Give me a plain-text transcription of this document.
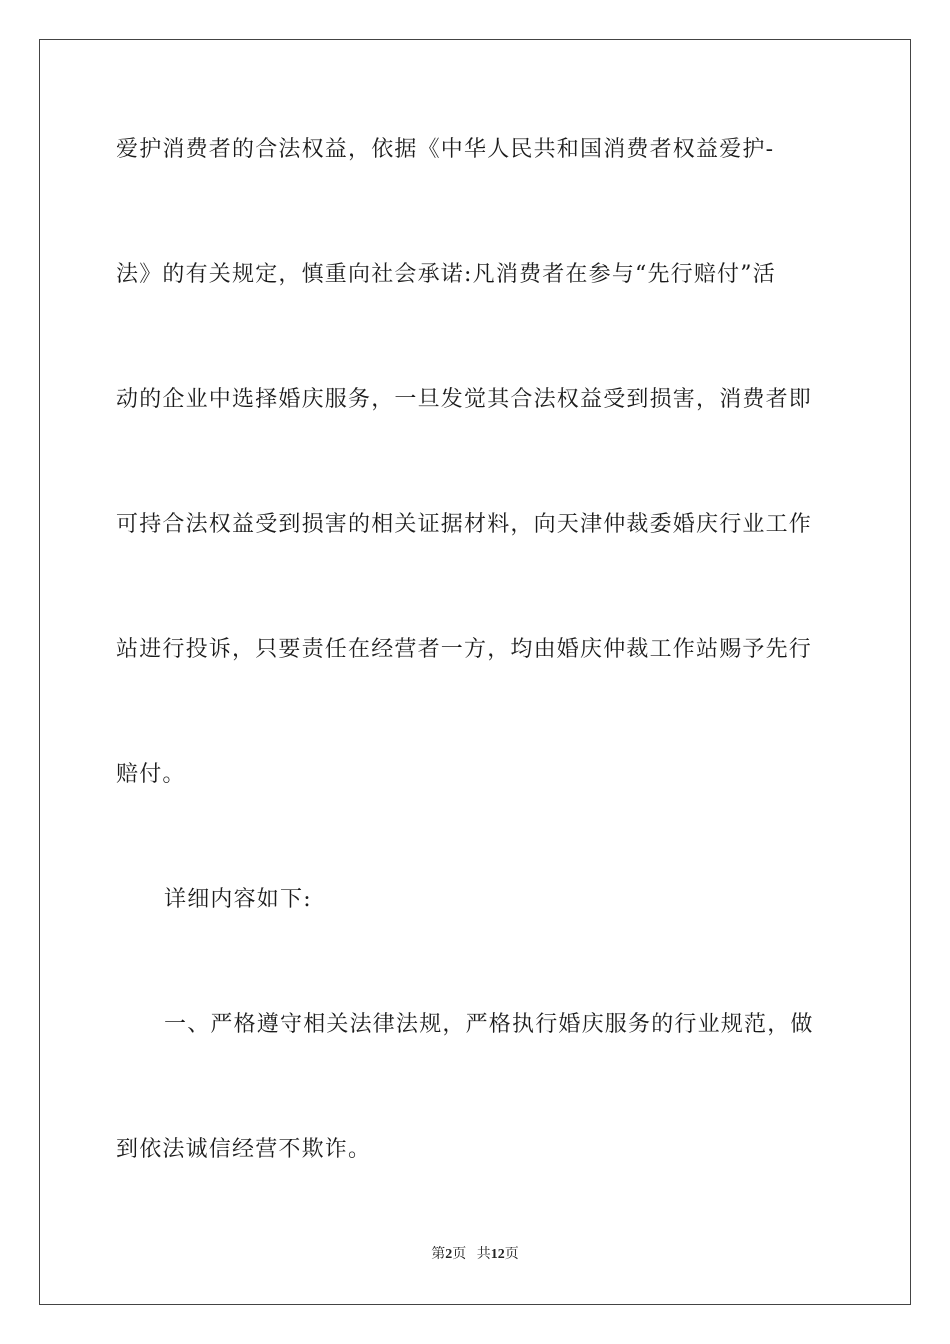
爱护消费者的合法权益，依据《中华人民共和国消费者权益爱护-
法》的有关规定，慎重向社会承诺:凡消费者在参与“先行赔付”活
动的企业中选择婚庆服务，一旦发觉其合法权益受到损害，消费者即
可持合法权益受到损害的相关证据材料，向天津仲裁委婚庆行业工作
站进行投诉，只要责任在经营者一方，均由婚庆仲裁工作站赐予先行
赔付。
详细内容如下:
一、严格遵守相关法律法规，严格执行婚庆服务的行业规范，做
到依法诚信经营不欺诈。
第2页 共12页
